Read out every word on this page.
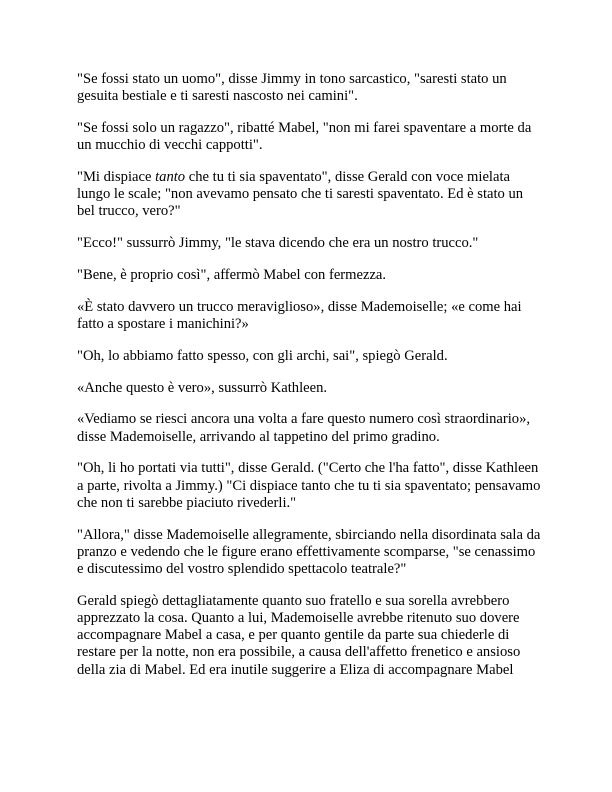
"Se fossi stato un uomo", disse Jimmy in tono sarcastico, "saresti stato un gesuita bestiale e ti saresti nascosto nei camini".

"Se fossi solo un ragazzo", ribatté Mabel, "non mi farei spaventare a morte da un mucchio di vecchi cappotti".

"Mi dispiace tanto che tu ti sia spaventato", disse Gerald con voce mielata lungo le scale; "non avevamo pensato che ti saresti spaventato. Ed è stato un bel trucco, vero?"

"Ecco!" sussurrò Jimmy, "le stava dicendo che era un nostro trucco."

"Bene, è proprio così", affermò Mabel con fermezza.

«È stato davvero un trucco meraviglioso», disse Mademoiselle; «e come hai fatto a spostare i manichini?»

"Oh, lo abbiamo fatto spesso, con gli archi, sai", spiegò Gerald.

«Anche questo è vero», sussurrò Kathleen.

«Vediamo se riesci ancora una volta a fare questo numero così straordinario», disse Mademoiselle, arrivando al tappetino del primo gradino.

"Oh, li ho portati via tutti", disse Gerald. ("Certo che l'ha fatto", disse Kathleen a parte, rivolta a Jimmy.) "Ci dispiace tanto che tu ti sia spaventato; pensavamo che non ti sarebbe piaciuto rivederli."

"Allora," disse Mademoiselle allegramente, sbirciando nella disordinata sala da pranzo e vedendo che le figure erano effettivamente scomparse, "se cenassimo e discutessimo del vostro splendido spettacolo teatrale?"

Gerald spiegò dettagliatamente quanto suo fratello e sua sorella avrebbero apprezzato la cosa. Quanto a lui, Mademoiselle avrebbe ritenuto suo dovere accompagnare Mabel a casa, e per quanto gentile da parte sua chiederle di restare per la notte, non era possibile, a causa dell'affetto frenetico e ansioso della zia di Mabel. Ed era inutile suggerire a Eliza di accompagnare Mabel
